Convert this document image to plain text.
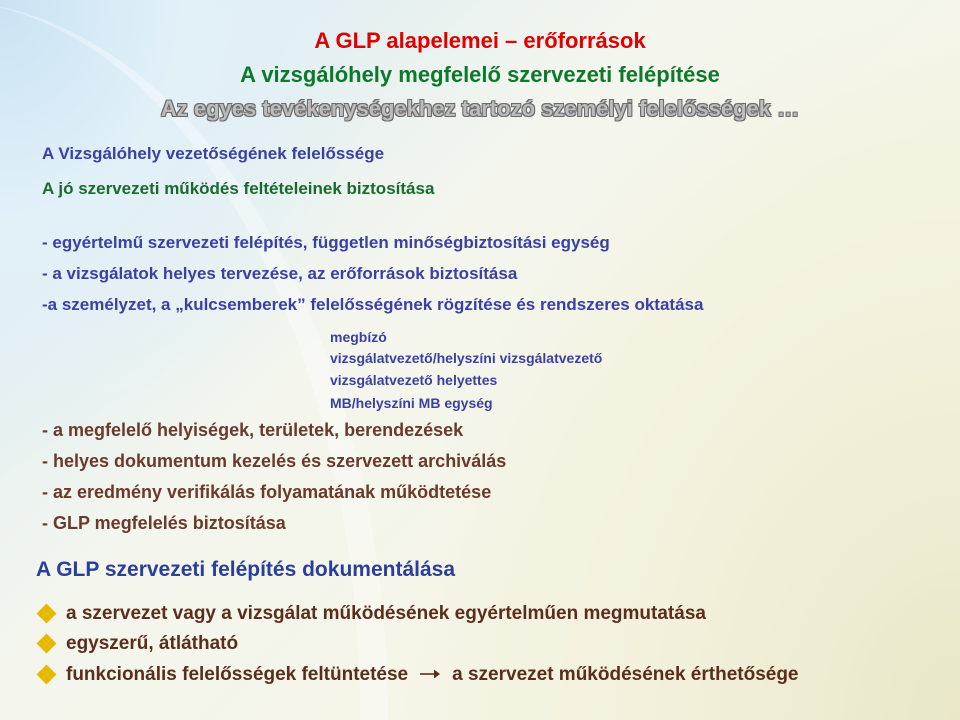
A GLP alapelemei – erőforrások
A vizsgálóhely megfelelő szervezeti felépítése
Az egyes tevékenységekhez tartozó személyi felelősségek …
A Vizsgálóhely vezetőségének felelőssége
A jó szervezeti működés feltételeinek biztosítása
- egyértelmű szervezeti felépítés, független minőségbiztosítási egység
- a vizsgálatok helyes tervezése, az erőforrások biztosítása
-a személyzet, a „kulcsemberek” felelősségének rögzítése és rendszeres oktatása
megbízó
vizsgálatvezető/helyszíni vizsgálatvezető
vizsgálatvezető helyettes
MB/helyszíni MB egység
- a megfelelő helyiségek, területek, berendezések
- helyes dokumentum kezelés és szervezett archiválás
- az eredmény verifikálás folyamatának működtetése
- GLP megfelelés biztosítása
A GLP szervezeti felépítés dokumentálása
a szervezet vagy a vizsgálat működésének egyértelműen megmutatása
egyszerű, átlátható
funkcionális felelősségek feltüntetése a szervezet működésének érthetősége
